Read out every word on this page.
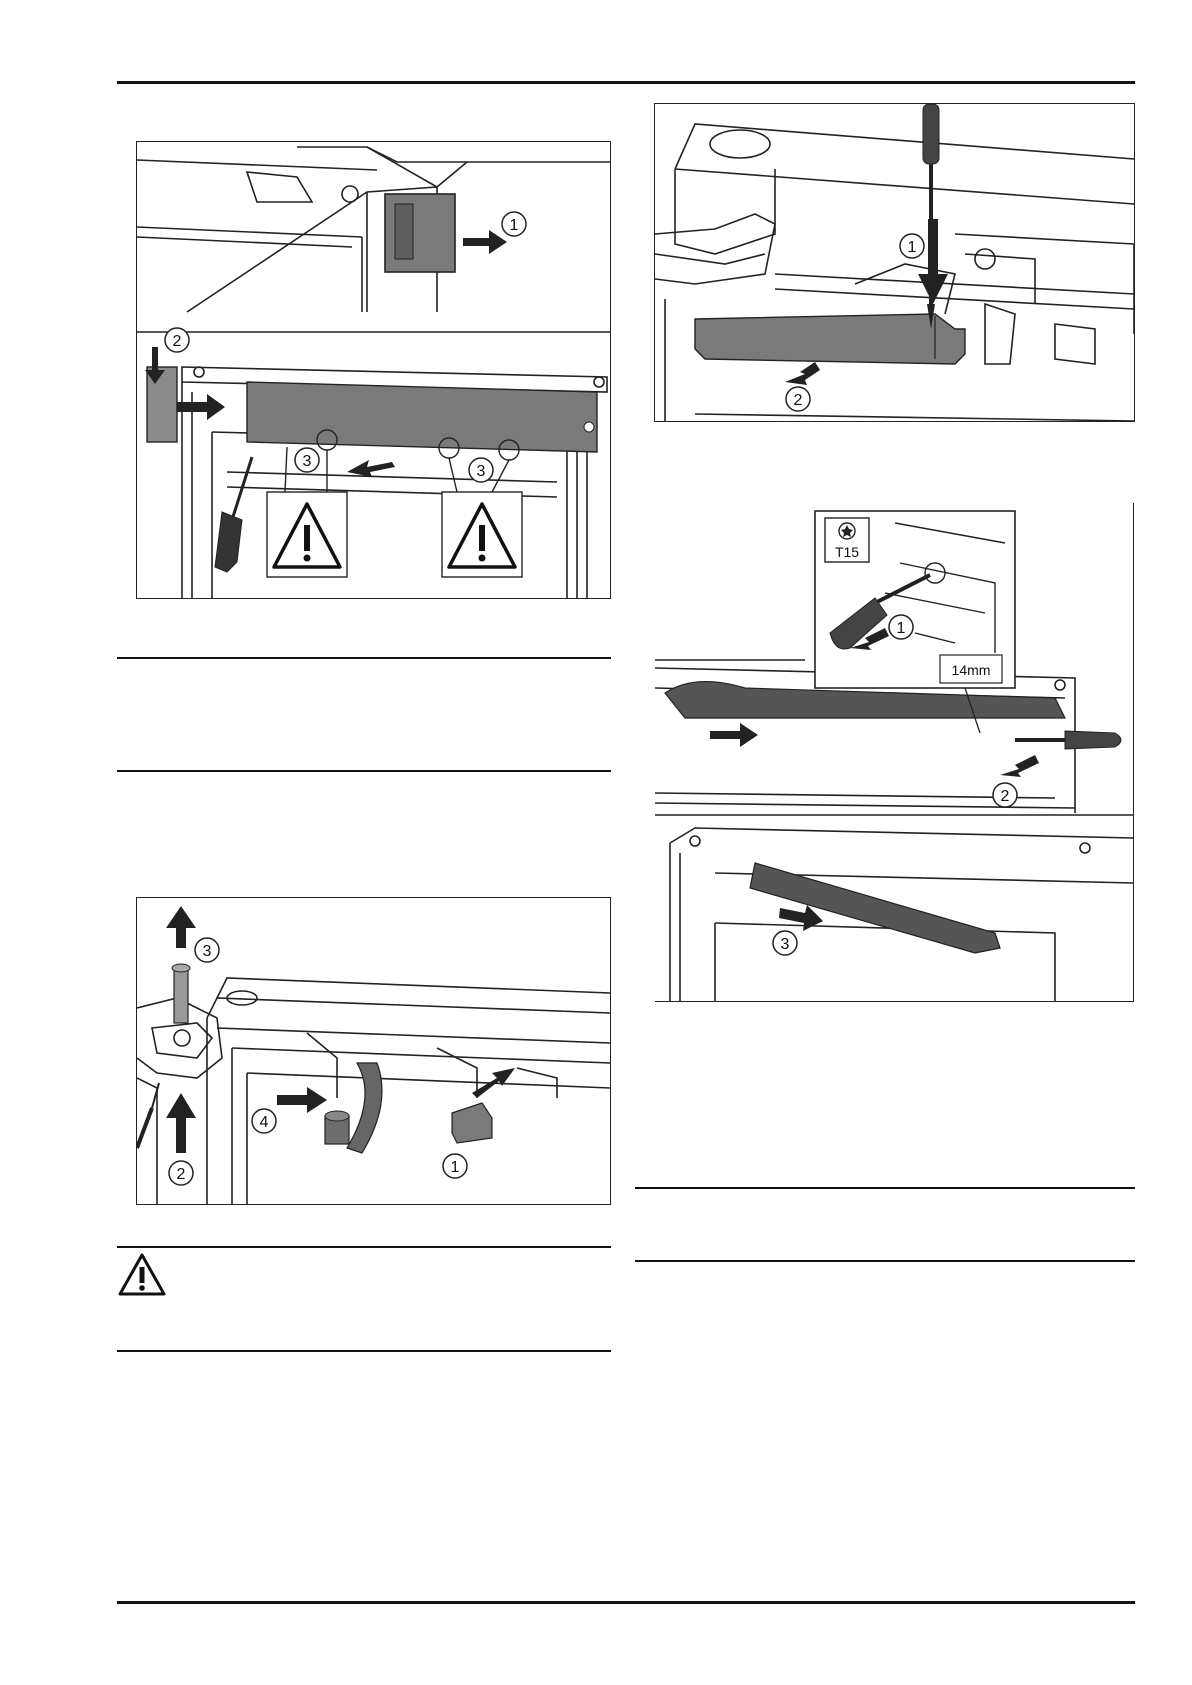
1
2
3
3
1
2
2
T15
1
14mm
3
3
2
4
1
